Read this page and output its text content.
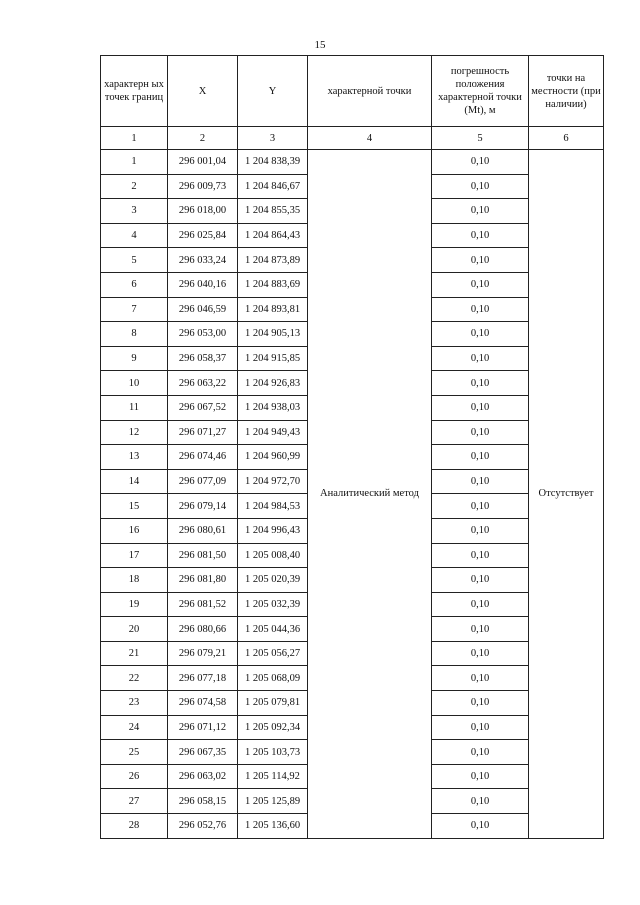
15
характерн ых точек границ	X	Y	характерной точки	погрешность положения характерной точки (Mt), м	точки на местности (при наличии)
1	2	3	4	5	6
1	296 001,04	1 204 838,39	Аналитический метод	0,10	Отсутствует
2	296 009,73	1 204 846,67		0,10	
3	296 018,00	1 204 855,35		0,10	
4	296 025,84	1 204 864,43		0,10	
5	296 033,24	1 204 873,89		0,10	
6	296 040,16	1 204 883,69		0,10	
7	296 046,59	1 204 893,81		0,10	
8	296 053,00	1 204 905,13		0,10	
9	296 058,37	1 204 915,85		0,10	
10	296 063,22	1 204 926,83		0,10	
11	296 067,52	1 204 938,03		0,10	
12	296 071,27	1 204 949,43		0,10	
13	296 074,46	1 204 960,99		0,10	
14	296 077,09	1 204 972,70		0,10	
15	296 079,14	1 204 984,53		0,10	
16	296 080,61	1 204 996,43		0,10	
17	296 081,50	1 205 008,40		0,10	
18	296 081,80	1 205 020,39		0,10	
19	296 081,52	1 205 032,39		0,10	
20	296 080,66	1 205 044,36		0,10	
21	296 079,21	1 205 056,27		0,10	
22	296 077,18	1 205 068,09		0,10	
23	296 074,58	1 205 079,81		0,10	
24	296 071,12	1 205 092,34		0,10	
25	296 067,35	1 205 103,73		0,10	
26	296 063,02	1 205 114,92		0,10	
27	296 058,15	1 205 125,89		0,10	
28	296 052,76	1 205 136,60		0,10	
